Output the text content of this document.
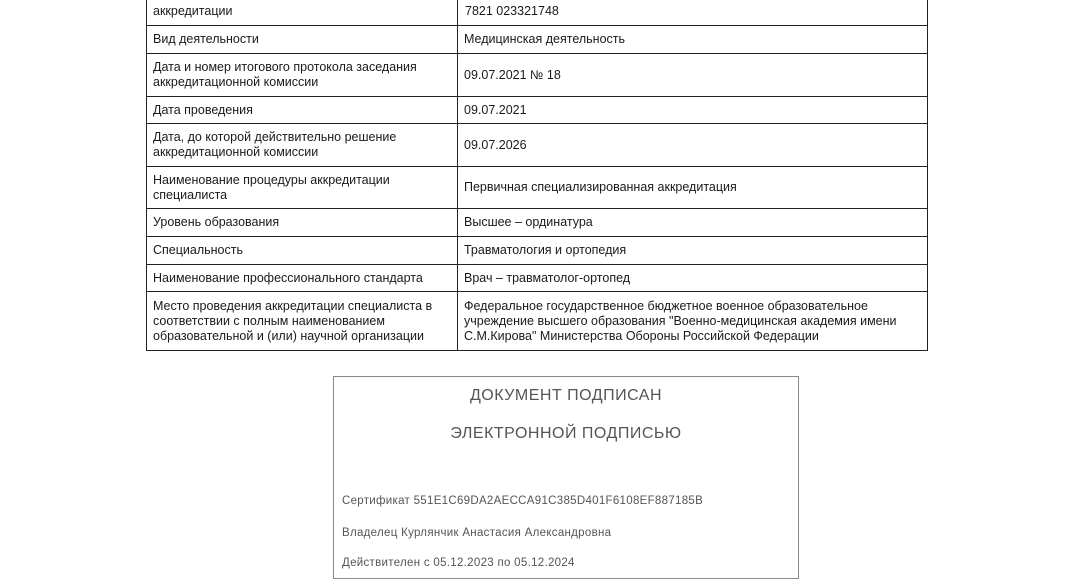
аккредитации	7821 023321748
Вид деятельности	Медицинская деятельность
Дата и номер итогового протокола заседания аккредитационной комиссии	09.07.2021 № 18
Дата проведения	09.07.2021
Дата, до которой действительно решение аккредитационной комиссии	09.07.2026
Наименование процедуры аккредитации специалиста	Первичная специализированная аккредитация
Уровень образования	Высшее – ординатура
Специальность	Травматология и ортопедия
Наименование профессионального стандарта	Врач – травматолог-ортопед
Место проведения аккредитации специалиста в соответствии с полным наименованием образовательной и (или) научной организации	Федеральное государственное бюджетное военное образовательное учреждение высшего образования "Военно-медицинская академия имени С.М.Кирова" Министерства Обороны Российской Федерации
ДОКУМЕНТ ПОДПИСАН
ЭЛЕКТРОННОЙ ПОДПИСЬЮ
Сертификат 551E1C69DA2AECCA91C385D401F6108EF887185B
Владелец Курлянчик Анастасия Александровна
Действителен с 05.12.2023 по 05.12.2024
